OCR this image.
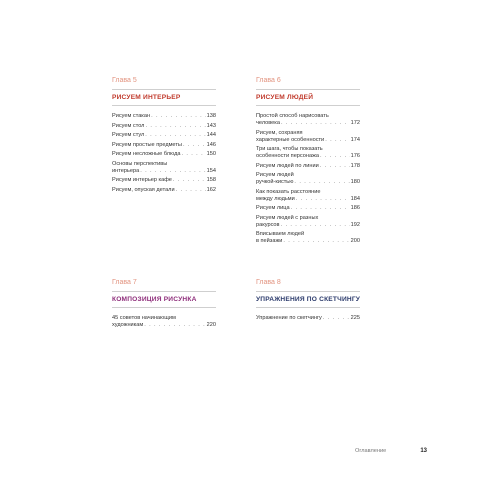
Глава 5
РИСУЕМ ИНТЕРЬЕР
Рисуем стакан . . .	138
Рисуем стол . . .	143
Рисуем стул . . .	144
Рисуем простые предметы . . .	146
Рисуем несложные блюда . . .	150
Основы перспективы
интерьера . . .	154
Рисуем интерьер кафе . . .	158
Рисуем, опуская детали . . .	162
Глава 6
РИСУЕМ ЛЮДЕЙ
Простой способ нарисовать
человека . . .	172
Рисуем, сохраняя
характерные особенности . . .	174
Три шага, чтобы показать
особенности персонажа . . .	176
Рисуем людей по линии . . .	178
Рисуем людей
ручкой-кистью . . .	180
Как показать расстояние
между людьми . . .	184
Рисуем лица . . .	186
Рисуем людей с разных
ракурсов . . .	192
Вписываем людей
в пейзажи . . .	200
Глава 7
КОМПОЗИЦИЯ РИСУНКА
45 советов начинающим
художникам . . .	220
Глава 8
УПРАЖНЕНИЯ ПО СКЕТЧИНГУ
Упражнение по скетчингу . . .	225
Оглавление	13
